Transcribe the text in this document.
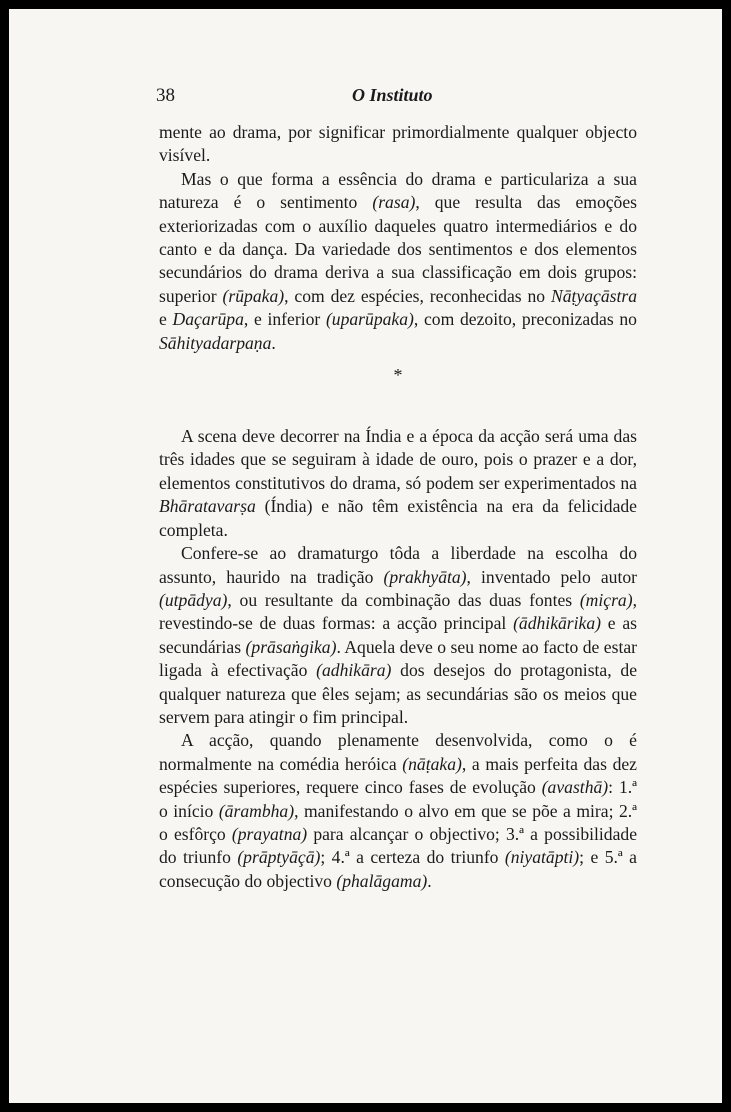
38	O Instituto

mente ao drama, por significar primordialmente qualquer objecto visível.

Mas o que forma a essência do drama e particulariza a sua natureza é o sentimento (rasa), que resulta das emoções exteriorizadas com o auxílio daqueles quatro intermediários e do canto e da dança. Da variedade dos sentimentos e dos elementos secundários do drama deriva a sua classificação em dois grupos: superior (rūpaka), com dez espécies, reconhecidas no Nāṭyaçāstra e Daçarūpa, e inferior (uparūpaka), com dezoito, preconizadas no Sāhityadarpaṇa.

*

A scena deve decorrer na Índia e a época da acção será uma das três idades que se seguiram à idade de ouro, pois o prazer e a dor, elementos constitutivos do drama, só podem ser experimentados na Bhāratavarṣa (Índia) e não têm existência na era da felicidade completa.

Confere-se ao dramaturgo tôda a liberdade na escolha do assunto, haurido na tradição (prakhyāta), inventado pelo autor (utpādya), ou resultante da combinação das duas fontes (miçra), revestindo-se de duas formas: a acção principal (ādhikārika) e as secundárias (prāsaṅgika). Aquela deve o seu nome ao facto de estar ligada à efectivação (adhikāra) dos desejos do protagonista, de qualquer natureza que êles sejam; as secundárias são os meios que servem para atingir o fim principal.

A acção, quando plenamente desenvolvida, como o é normalmente na comédia heróica (nāṭaka), a mais perfeita das dez espécies superiores, requere cinco fases de evolução (avasthā): 1.ª o início (ārambha), manifestando o alvo em que se põe a mira; 2.ª o esfôrço (prayatna) para alcançar o objectivo; 3.ª a possibilidade do triunfo (prāptyāçā); 4.ª a certeza do triunfo (niyatāpti); e 5.ª a consecução do objectivo (phalāgama).
